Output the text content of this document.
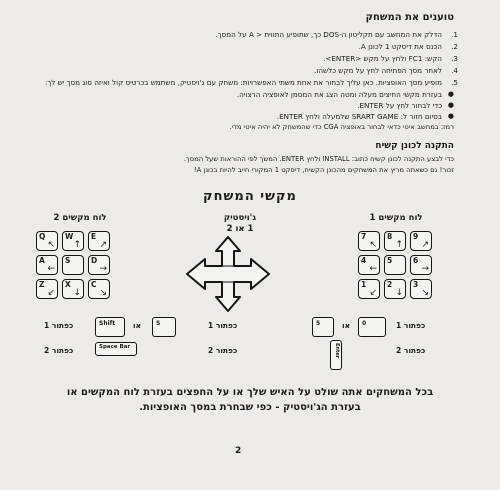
טוענים את המשחק
1.
הדלק את המחשב עם תקליטון ה-DOS כך, שתופיע התווית < A על המסך.
2.
הכנס את דיסקט 1 לכונן A.
3.
הקש: FC1 ולחץ על מקש <ENTER>.
4.
לאחר מסך הפתיחה לחץ על מקש כלשהו.
5.
מופיע מסך האופציות. כאן עליך לבחור את אחת משתי האפשרויות: משחק עם ג'ויסטיק, משתמש בכרטיס קול ואיזה סוג מסך יש לך:
●
בעזרת מקשי החיצים מעלה ומטה הצג את המסמן לאופציה הרצויה.
●
כדי לבחור לחץ על ENTER.
●
בסיום חזור ל: SRART GAME שלמעלה ולחץ ENTER.
רמז: במחשב איטי כדאי לבחור באופציה CGA כדי שהמשחק לא יהיה איטי מדי.
התקנה לכונן קשיח
כדי לבצע התקנה לכונן קשיח כתוב: INSTALL ולחץ ENTER. המשך לפי ההוראות שעל המסך.
זכור! גם כשאתה מריץ את המשחקים מהכונן הקשיח, דיסקט 1 המקורי חייב להיות בכונן A!
מקשי המשחק
לוח מקשים 2	ג'ויסטיק
1 או 2
לוח מקשים 1
Q
↖
W
↑
E
↗
A
←
S	D
→
Z
↙
X
↓
C
↘
7
↖
8
↑
9
↗
4
←
5	6
→
1
↙
2
↓
3
↘
כפתור 1	Shift	או	S	כפתור 1	5	או	0	כפתור 1
כפתור 2	Space Bar	כפתור 2	Enter	כפתור 2
בכל המשחקים אתה שולט על האיש שלך או על החפצים בעזרת לוח המקשים או
בעזרת הג'ויסטיק - כפי שבחרת במסך האופציות.
2
